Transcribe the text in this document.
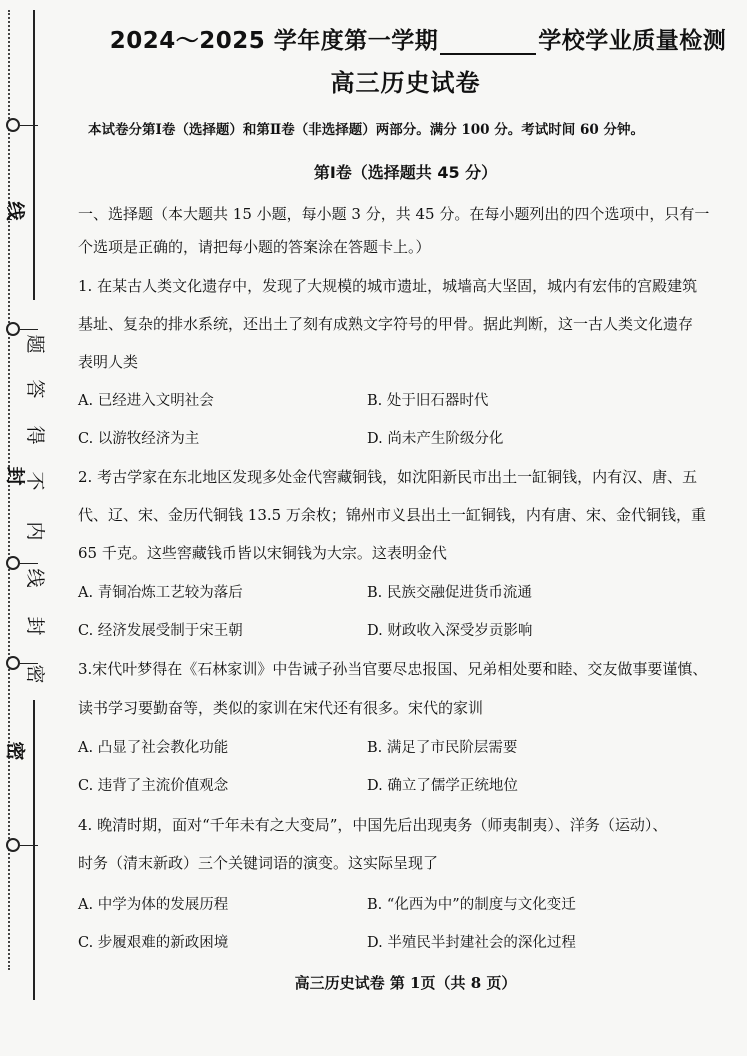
线
封
密
题
答
得
不
内
线
封
密
2024～2025 学年度第一学期	学校学业质量检测
高三历史试卷
本试卷分第Ⅰ卷（选择题）和第Ⅱ卷（非选择题）两部分。满分 100 分。考试时间 60 分钟。
第Ⅰ卷（选择题共 45 分）
一、选择题（本大题共 15 小题，每小题 3 分，共 45 分。在每小题列出的四个选项中，只有一
个选项是正确的，请把每小题的答案涂在答题卡上。）
1. 在某古人类文化遗存中，发现了大规模的城市遗址，城墙高大坚固，城内有宏伟的宫殿建筑
基址、复杂的排水系统，还出土了刻有成熟文字符号的甲骨。据此判断，这一古人类文化遗存
表明人类
A. 已经进入文明社会	B. 处于旧石器时代
C. 以游牧经济为主	D. 尚未产生阶级分化
2. 考古学家在东北地区发现多处金代窖藏铜钱，如沈阳新民市出土一缸铜钱，内有汉、唐、五
代、辽、宋、金历代铜钱 13.5 万余枚；锦州市义县出土一缸铜钱，内有唐、宋、金代铜钱，重
65 千克。这些窖藏钱币皆以宋铜钱为大宗。这表明金代
A. 青铜冶炼工艺较为落后	B. 民族交融促进货币流通
C. 经济发展受制于宋王朝	D. 财政收入深受岁贡影响
3.宋代叶梦得在《石林家训》中告诫子孙当官要尽忠报国、兄弟相处要和睦、交友做事要谨慎、
读书学习要勤奋等，类似的家训在宋代还有很多。宋代的家训
A. 凸显了社会教化功能	B. 满足了市民阶层需要
C. 违背了主流价值观念	D. 确立了儒学正统地位
4. 晚清时期，面对“千年未有之大变局”，中国先后出现夷务（师夷制夷）、洋务（运动）、
时务（清末新政）三个关键词语的演变。这实际呈现了
A. 中学为体的发展历程	B. “化西为中”的制度与文化变迁
C. 步履艰难的新政困境	D. 半殖民半封建社会的深化过程
高三历史试卷 第 1页（共 8 页）
